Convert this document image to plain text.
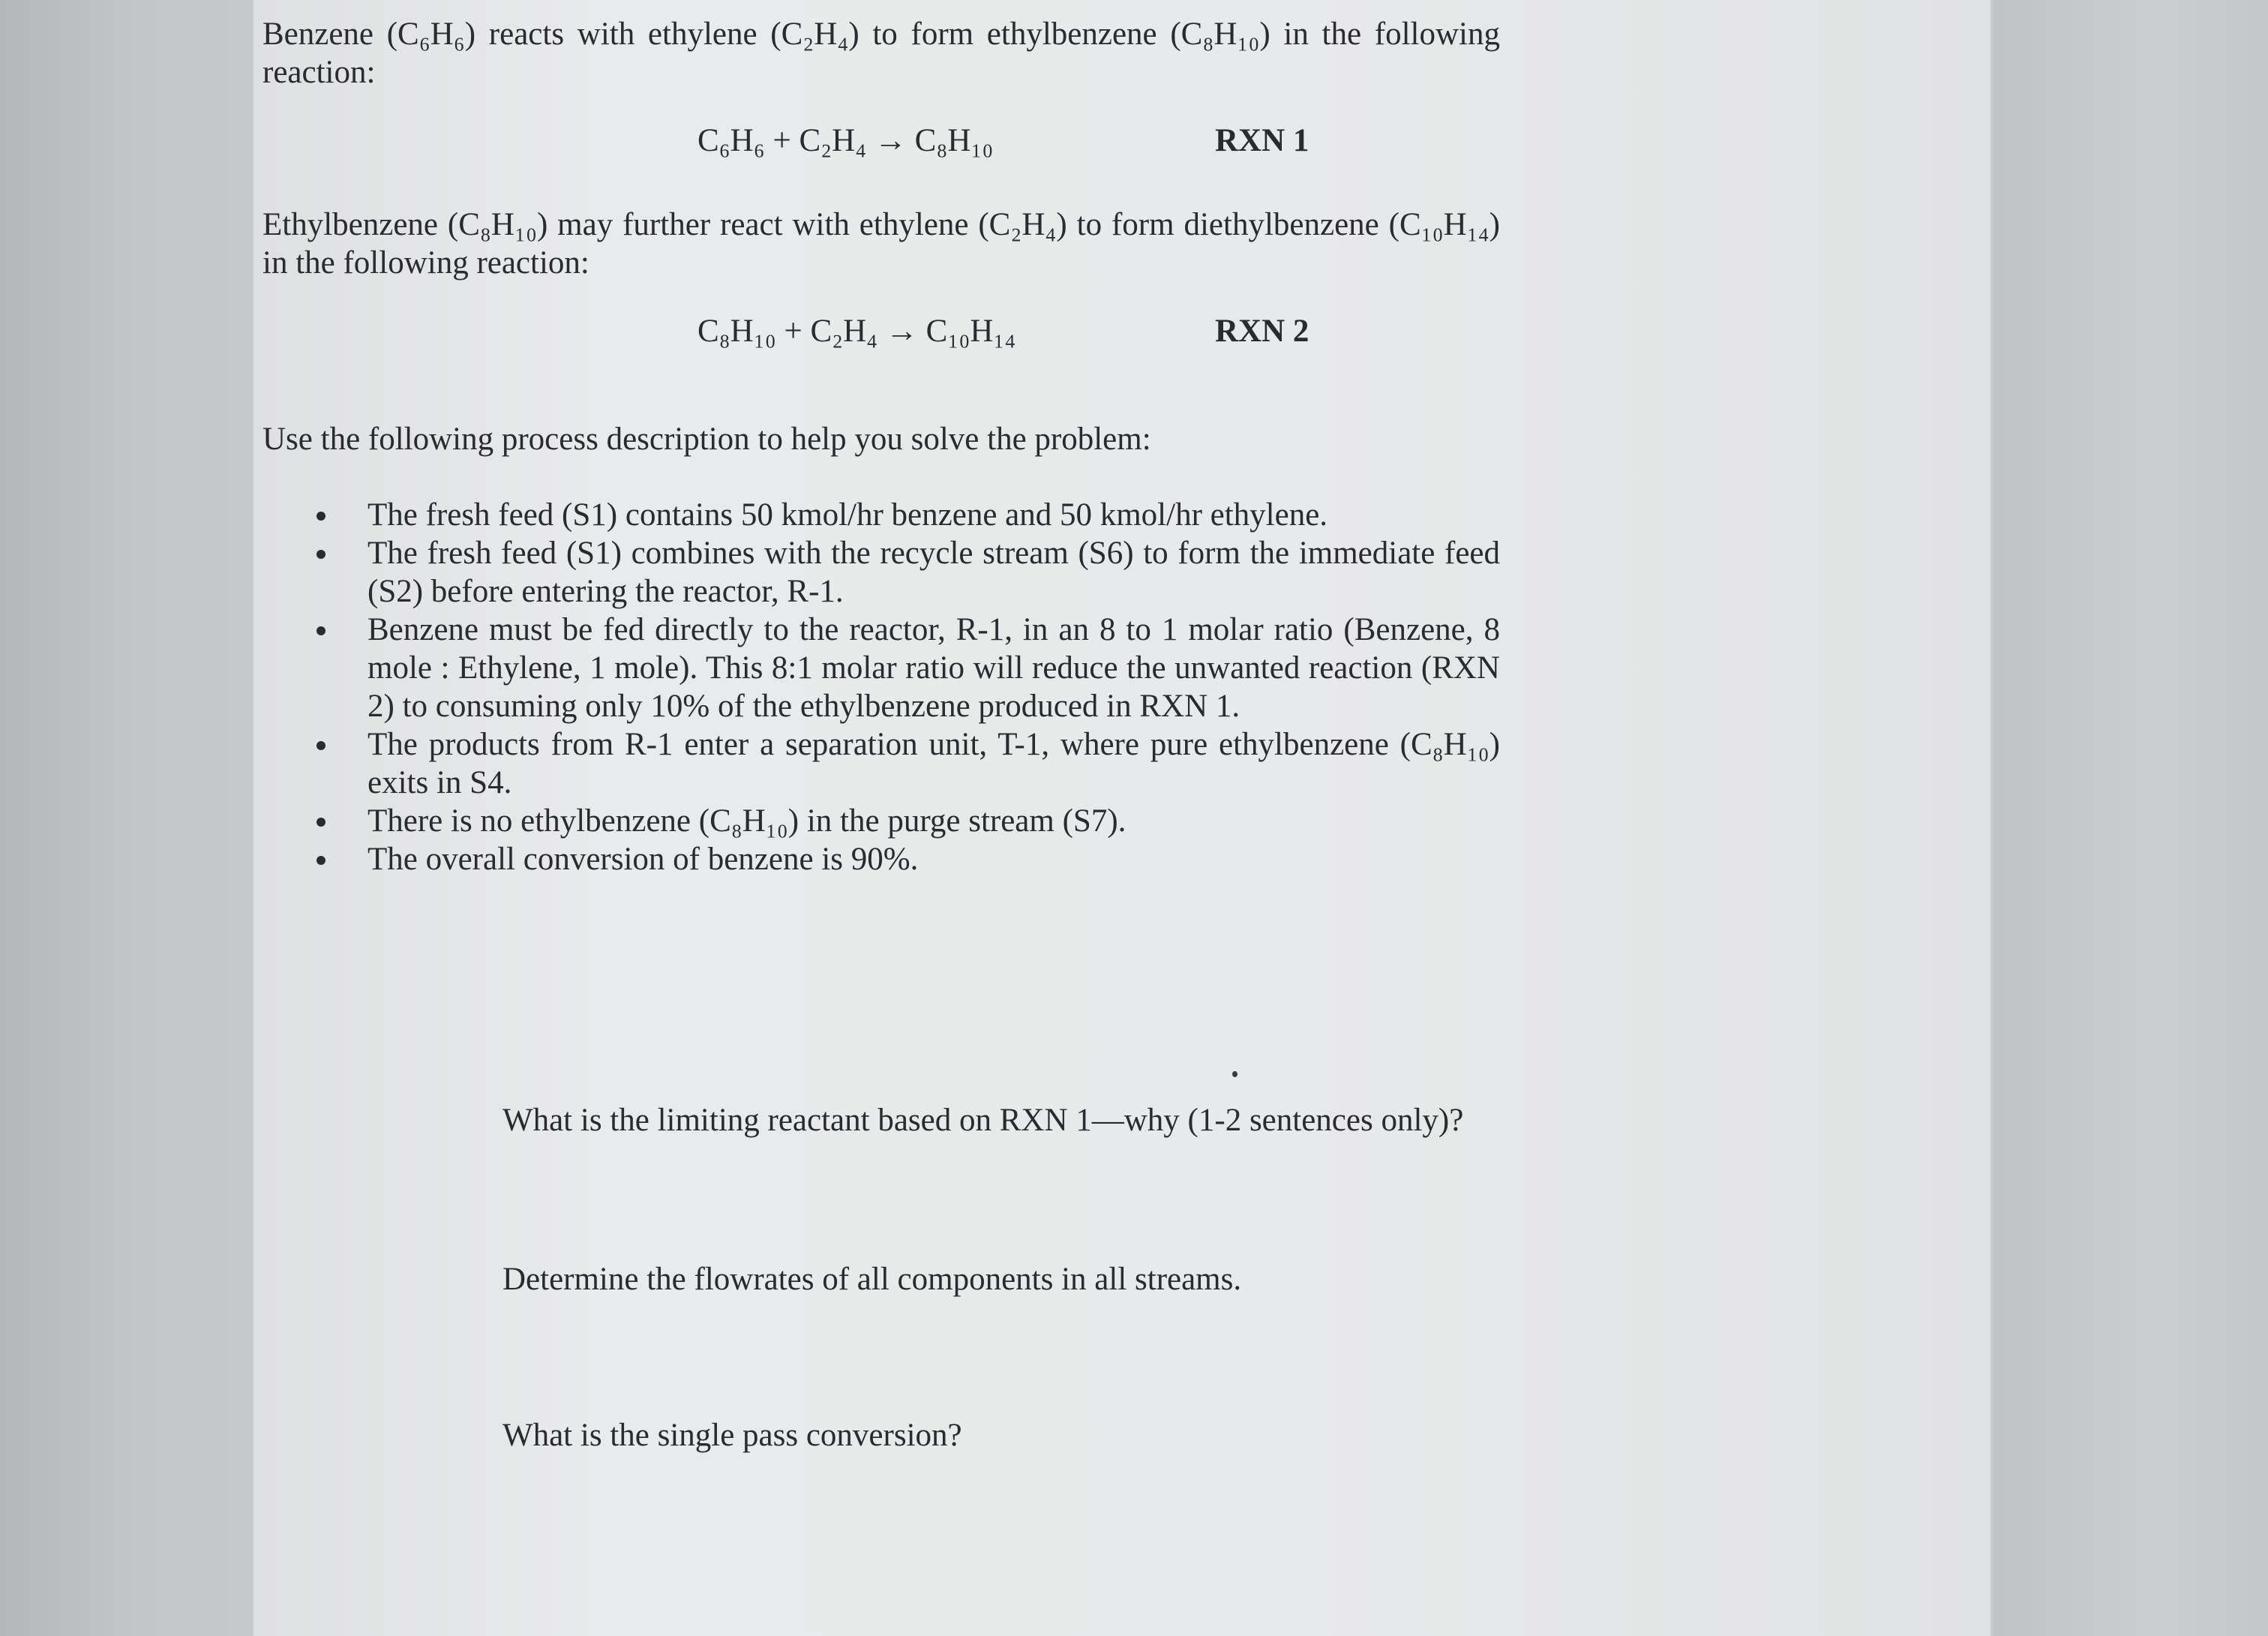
Benzene (C₆H₆) reacts with ethylene (C₂H₄) to form ethylbenzene (C₈H₁₀) in the following reaction:

C₆H₆ + C₂H₄ → C₈H₁₀	RXN 1

Ethylbenzene (C₈H₁₀) may further react with ethylene (C₂H₄) to form diethylbenzene (C₁₀H₁₄) in the following reaction:

C₈H₁₀ + C₂H₄ → C₁₀H₁₄	RXN 2

Use the following process description to help you solve the problem:

The fresh feed (S1) contains 50 kmol/hr benzene and 50 kmol/hr ethylene.
The fresh feed (S1) combines with the recycle stream (S6) to form the immediate feed (S2) before entering the reactor, R-1.
Benzene must be fed directly to the reactor, R-1, in an 8 to 1 molar ratio (Benzene, 8 mole : Ethylene, 1 mole). This 8:1 molar ratio will reduce the unwanted reaction (RXN 2) to consuming only 10% of the ethylbenzene produced in RXN 1.
The products from R-1 enter a separation unit, T-1, where pure ethylbenzene (C₈H₁₀) exits in S4.
There is no ethylbenzene (C₈H₁₀) in the purge stream (S7).
The overall conversion of benzene is 90%.

What is the limiting reactant based on RXN 1—why (1-2 sentences only)?

Determine the flowrates of all components in all streams.

What is the single pass conversion?
